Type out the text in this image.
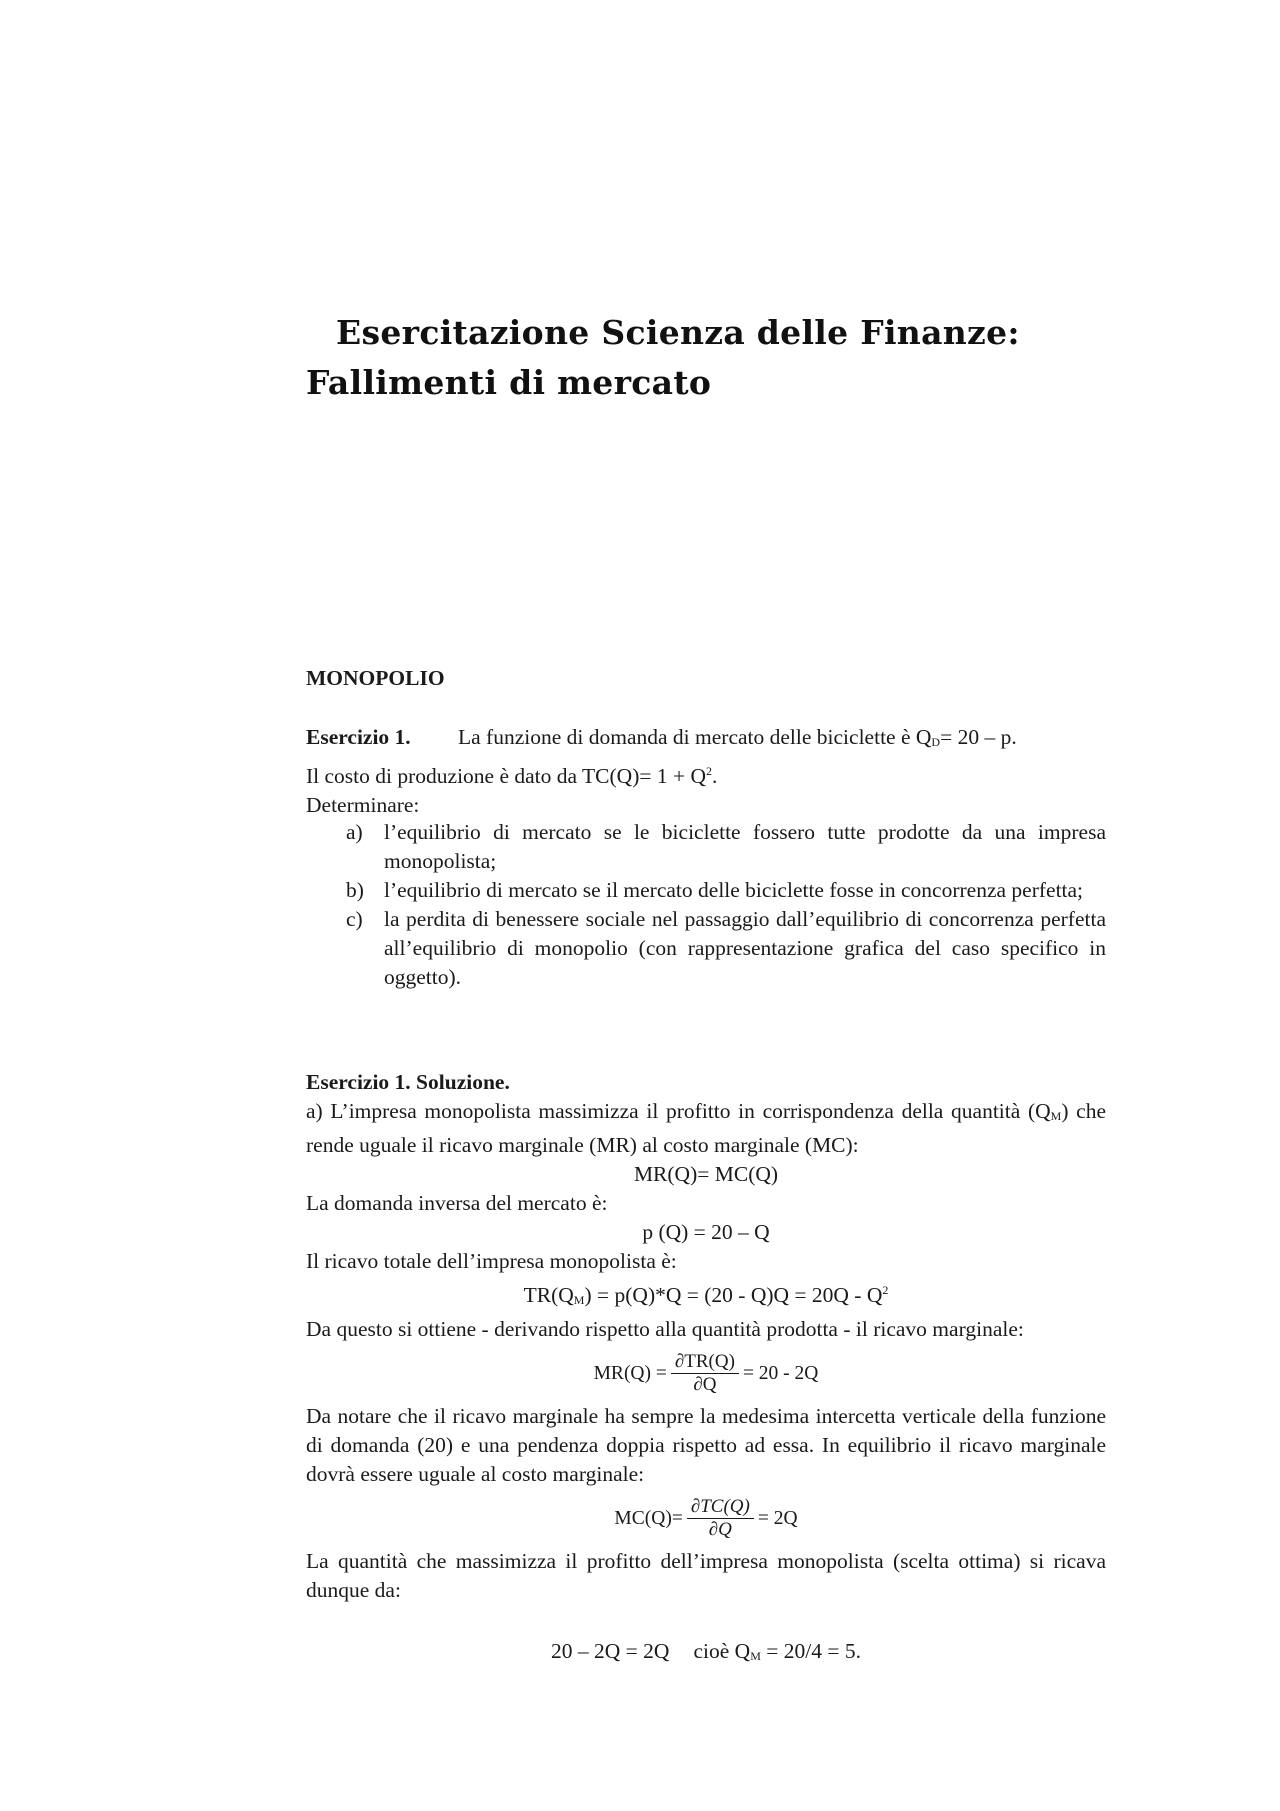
Esercitazione Scienza delle Finanze:
Fallimenti di mercato
MONOPOLIO
Esercizio 1. La funzione di domanda di mercato delle biciclette è $Q_D= 20 - p$.
Il costo di produzione è dato da $TC(Q)= 1 + Q^2$.
Determinare:
a) l’equilibrio di mercato se le biciclette fossero tutte prodotte da una impresa monopolista;
b) l’equilibrio di mercato se il mercato delle biciclette fosse in concorrenza perfetta;
c) la perdita di benessere sociale nel passaggio dall’equilibrio di concorrenza perfetta all’equilibrio di monopolio (con rappresentazione grafica del caso specifico in oggetto).
Esercizio 1. Soluzione.
a) L’impresa monopolista massimizza il profitto in corrispondenza della quantità $(Q_M)$ che rende uguale il ricavo marginale (MR) al costo marginale (MC):
MR(Q)= MC(Q)
La domanda inversa del mercato è:
p (Q) = 20 – Q
Il ricavo totale dell’impresa monopolista è:
$TR(Q_M) = p(Q)*Q = (20 - Q)Q = 20Q - Q^2$
Da questo si ottiene - derivando rispetto alla quantità prodotta - il ricavo marginale:
$MR(Q) = \frac{\partial TR(Q)}{\partial Q} = 20 - 2Q$
Da notare che il ricavo marginale ha sempre la medesima intercetta verticale della funzione di domanda (20) e una pendenza doppia rispetto ad essa. In equilibrio il ricavo marginale dovrà essere uguale al costo marginale:
$MC(Q)= \frac{\partial TC(Q)}{\partial Q} = 2Q$
La quantità che massimizza il profitto dell’impresa monopolista (scelta ottima) si ricava dunque da:
20 – 2Q = 2Q cioè $Q_M = 20/4 = 5$.
